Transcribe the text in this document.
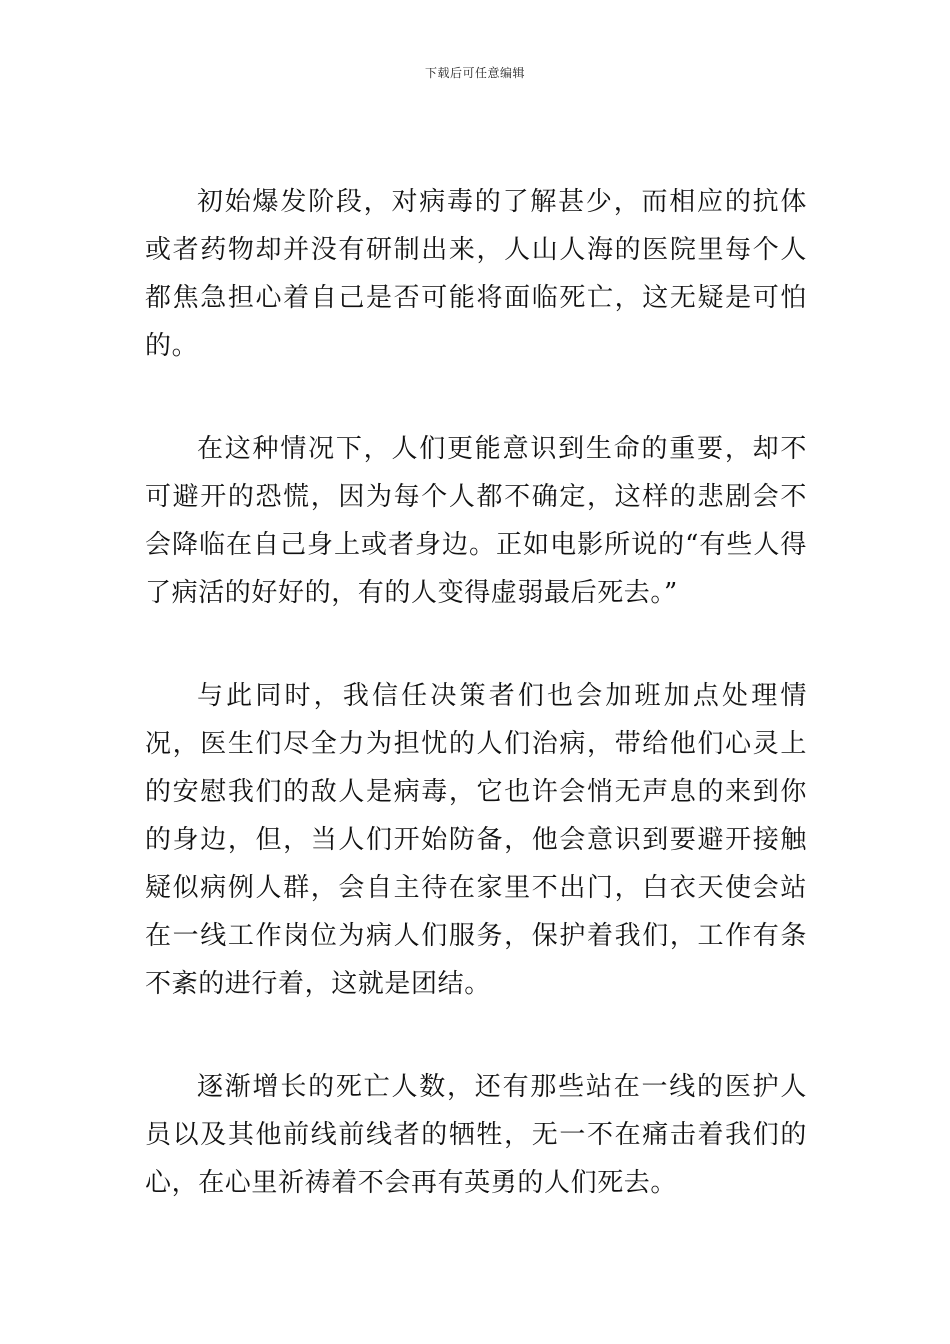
下载后可任意编辑

初始爆发阶段，对病毒的了解甚少，而相应的抗体或者药物却并没有研制出来，人山人海的医院里每个人都焦急担心着自己是否可能将面临死亡，这无疑是可怕的。

在这种情况下，人们更能意识到生命的重要，却不可避开的恐慌，因为每个人都不确定，这样的悲剧会不会降临在自己身上或者身边。正如电影所说的“有些人得了病活的好好的，有的人变得虚弱最后死去。”

与此同时，我信任决策者们也会加班加点处理情况，医生们尽全力为担忧的人们治病，带给他们心灵上的安慰我们的敌人是病毒，它也许会悄无声息的来到你的身边，但，当人们开始防备，他会意识到要避开接触疑似病例人群，会自主待在家里不出门，白衣天使会站在一线工作岗位为病人们服务，保护着我们，工作有条不紊的进行着，这就是团结。

逐渐增长的死亡人数，还有那些站在一线的医护人员以及其他前线前线者的牺牲，无一不在痛击着我们的心，在心里祈祷着不会再有英勇的人们死去。
